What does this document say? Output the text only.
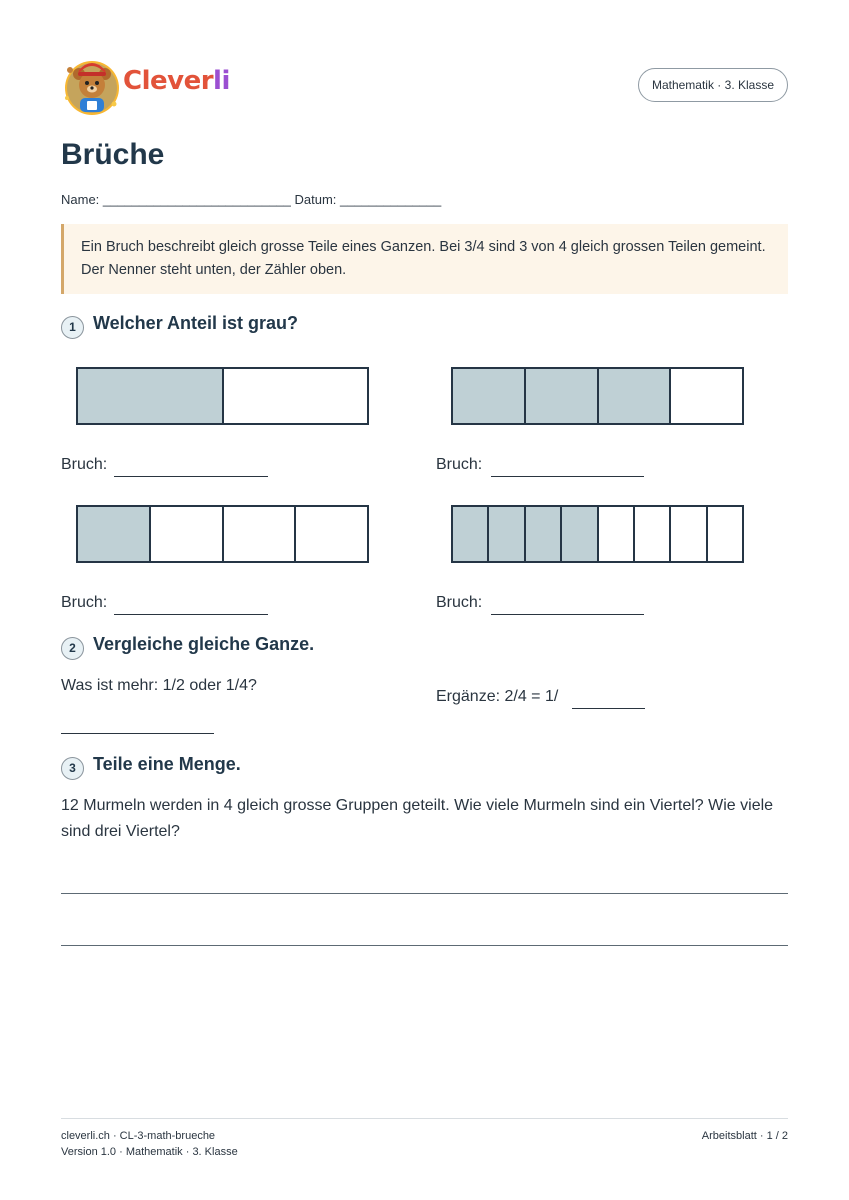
Cleverli	Mathematik · 3. Klasse
Brüche
Name: __________________________ Datum: ______________
Ein Bruch beschreibt gleich grosse Teile eines Ganzen. Bei 3/4 sind 3 von 4 gleich grossen Teilen gemeint. Der Nenner steht unten, der Zähler oben.
1 Welcher Anteil ist grau?
Bruch:	Bruch:
Bruch:	Bruch:
2 Vergleiche gleiche Ganze.
Was ist mehr: 1/2 oder 1/4?
Ergänze: 2/4 = 1/
3 Teile eine Menge.
12 Murmeln werden in 4 gleich grosse Gruppen geteilt. Wie viele Murmeln sind ein Viertel? Wie viele sind drei Viertel?
cleverli.ch · CL-3-math-brueche
Version 1.0 · Mathematik · 3. Klasse
Arbeitsblatt · 1 / 2
